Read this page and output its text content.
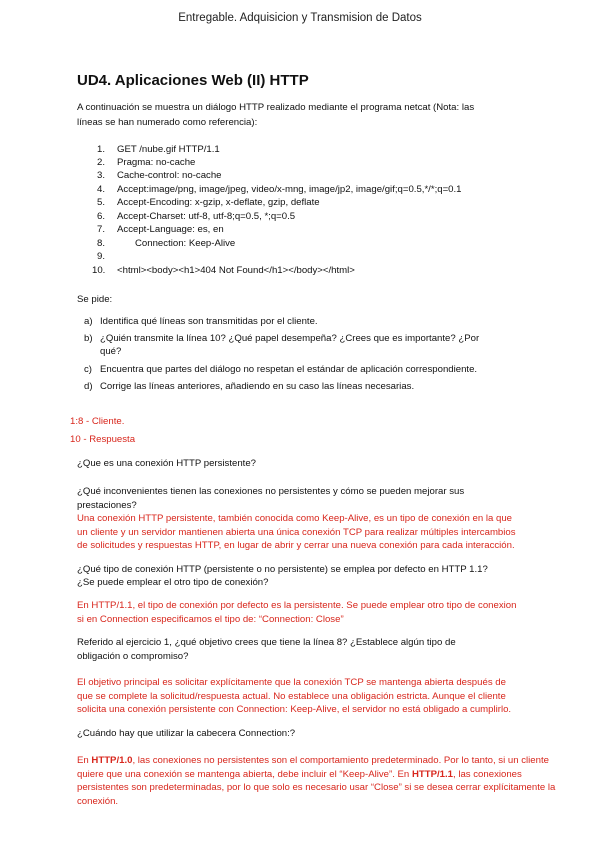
Entregable. Adquisicion y Transmision de Datos
UD4. Aplicaciones Web (II) HTTP
A continuación se muestra un diálogo HTTP realizado mediante el programa netcat (Nota: las
líneas se han numerado como referencia):
1. GET /nube.gif HTTP/1.1
2. Pragma: no-cache
3. Cache-control: no-cache
4. Accept:image/png, image/jpeg, video/x-mng, image/jp2, image/gif;q=0.5,*/*;q=0.1
5. Accept-Encoding: x-gzip, x-deflate, gzip, deflate
6. Accept-Charset: utf-8, utf-8;q=0.5, *;q=0.5
7. Accept-Language: es, en
8.	Connection: Keep-Alive
9.
10. <html><body><h1>404 Not Found</h1></body></html>
Se pide:
a) Identifica qué líneas son transmitidas por el cliente.
b) ¿Quién transmite la línea 10? ¿Qué papel desempeña? ¿Crees que es importante? ¿Por
qué?
c) Encuentra que partes del diálogo no respetan el estándar de aplicación correspondiente.
d) Corrige las líneas anteriores, añadiendo en su caso las líneas necesarias.
1:8 - Cliente.
10 - Respuesta
¿Que es una conexión HTTP persistente?
¿Qué inconvenientes tienen las conexiones no persistentes y cómo se pueden mejorar sus
prestaciones?
Una conexión HTTP persistente, también conocida como Keep-Alive, es un tipo de conexión en la que
un cliente y un servidor mantienen abierta una única conexión TCP para realizar múltiples intercambios
de solicitudes y respuestas HTTP, en lugar de abrir y cerrar una nueva conexión para cada interacción.
¿Qué tipo de conexión HTTP (persistente o no persistente) se emplea por defecto en HTTP 1.1?
¿Se puede emplear el otro tipo de conexión?
En HTTP/1.1, el tipo de conexión por defecto es la persistente. Se puede emplear otro tipo de conexion
si en Connection especificamos el tipo de: “Connection: Close”
Referido al ejercicio 1, ¿qué objetivo crees que tiene la línea 8? ¿Establece algún tipo de
obligación o compromiso?
El objetivo principal es solicitar explícitamente que la conexión TCP se mantenga abierta después de
que se complete la solicitud/respuesta actual. No establece una obligación estricta. Aunque el cliente
solicita una conexión persistente con Connection: Keep-Alive, el servidor no está obligado a cumplirlo.
¿Cuándo hay que utilizar la cabecera Connection:?
En HTTP/1.0, las conexiones no persistentes son el comportamiento predeterminado. Por lo tanto, si un cliente
quiere que una conexión se mantenga abierta, debe incluir el “Keep-Alive”. En HTTP/1.1, las conexiones
persistentes son predeterminadas, por lo que solo es necesario usar “Close” si se desea cerrar explícitamente la
conexión.
